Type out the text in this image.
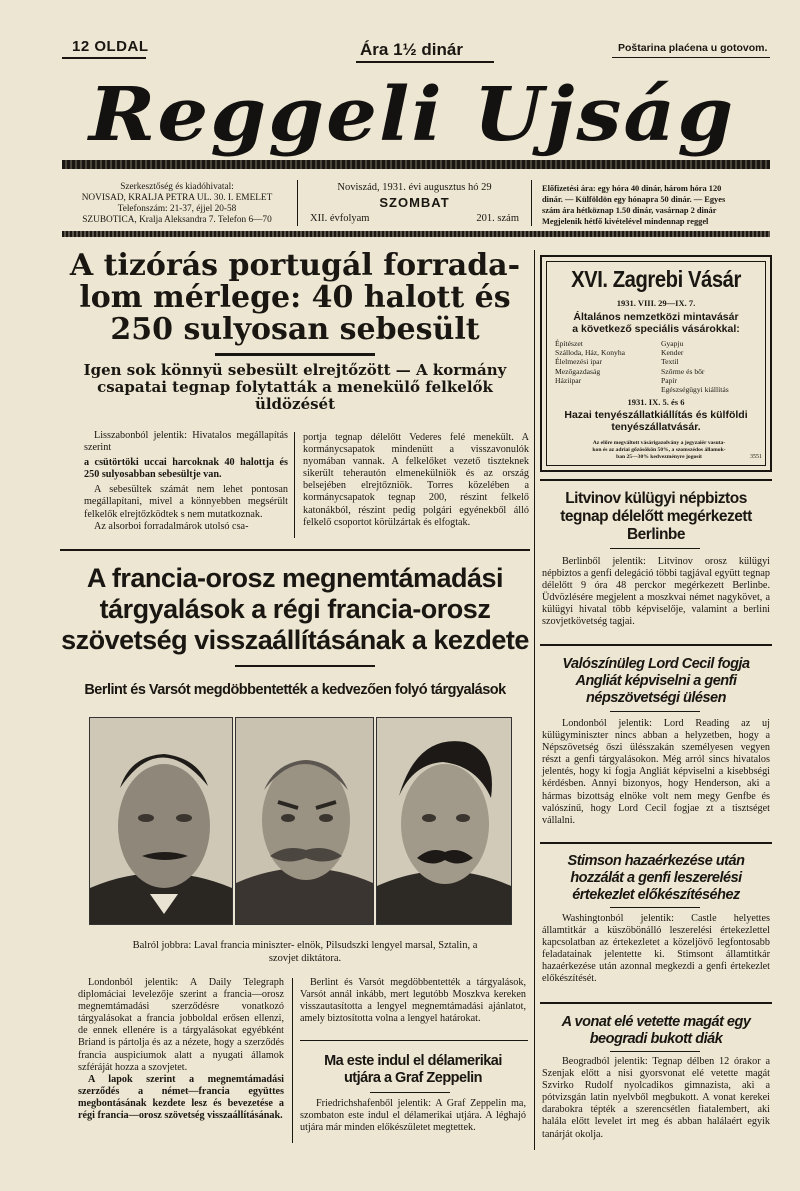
12 OLDAL	Ára 1½ dinár	Poštarina plaćena u gotovom.
Reggeli Ujság
Szerkesztőség és kiadóhivatal:
NOVISAD, KRALJA PETRA UL. 30. I. EMELET
Telefonszám: 21-37, éjjel 20-58
SZUBOTICA, Kralja Aleksandra 7. Telefon 6—70
Noviszád, 1931. évi augusztus hó 29
SZOMBAT
XII. évfolyam	201. szám
Előfizetési ára: egy hóra 40 dinár, három hóra 120
dinár. — Külföldön egy hónapra 50 dinár. — Egyes
szám ára hétköznap 1.50 dinár, vasárnap 2 dinár
Megjelenik hétfő kivételével mindennap reggel
A tizórás portugál forrada-
lom mérlege: 40 halott és
250 sulyosan sebesült
Igen sok könnyü sebesült elrejtőzött — A kormány
csapatai tegnap folytatták a menekülő felkelők
üldözését

Lisszabonból jelentik: Hivatalos megállapítás szerint

a csütörtöki uccai harcoknak 40 halottja és 250 sulyosabban sebesültje van.

A sebesültek számát nem lehet pontosan megállapítani, mivel a könnyebben megsérült felkelők elrejtőzködtek s nem mutatkoznak.

Az alsorboi forradalmárok utolsó csa-

portja tegnap délelőtt Vederes felé menekült. A kormánycsapatok mindenütt a visszavonulók nyomában vannak. A felkelőket vezető tiszteknek sikerült teherautón elmenekülniök és az ország belsejében elrejtőzniök. Torres közelében a kormánycsapatok tegnap 200, részint felkelő katonákból, részint pedig polgári egyénekből álló felkelő csoportot körülzártak és elfogtak.

XVI. Zagrebi Vásár
1931. VIII. 29—IX. 7.
Általános nemzetközi mintavásár
a következő speciális vásárokkal:
Építészet
Szálloda, Ház, Konyha
Élelmezési ipar
Mezőgazdaság
Háziipar
Gyapju
Kender
Textil
Szőrme és bőr
Papír
Egészségügyi kiállítás
1931. IX. 5. és 6
Hazai tenyészállatkiállítás és külföldi
tenyészállatvásár.
Az előre megváltott vásárigazolvány a jegyzaiér vasuta-
kon és az adriai gőzösökön 50%, a szomszédos államok-
ban 25—30% kedvezményre jogosít	3551
Litvinov külügyi népbiztos
tegnap délelőtt megérkezett
Berlinbe
Berlinből jelentik: Litvinov orosz külügyi népbiztos a genfi delegáció többi tagjával együtt tegnap délelőtt 9 óra 48 perckor megérkezett Berlinbe. Üdvözlésére megjelent a moszkvai német nagykövet, a külügyi hivatal több képviselője, valamint a berlini szovjetkövetség tagjai.
A francia-orosz megnemtámadási
tárgyalások a régi francia-orosz
szövetség visszaállításának a kezdete
Berlint és Varsót megdöbbentették a kedvezően folyó tárgyalások
Balról jobbra: Laval francia miniszter- elnök, Pilsudszki lengyel marsal, Sztalin, a
szovjet diktátora.

Londonból jelentik: A Daily Telegraph diplomáciai levelezője szerint a francia—orosz megnemtámadási szerződésre vonatkozó tárgyalásokat a francia jobboldal erősen ellenzi, de ennek ellenére is a tárgyalásokat egyébként Briand is pártolja és az a nézete, hogy a szerződés francia auspiciumok alatt a nyugati államok szféráját hozza a szovjetet.

A lapok szerint a megnemtámadási szerződés a német—francia együttes megbontásának kezdete lesz és bevezetése a régi francia—orosz szövetség visszaállításának.

Berlint és Varsót megdöbbentették a tárgyalások, Varsót annál inkább, mert legutóbb Moszkva kereken visszautasította a lengyel megnemtámadási ajánlatot, amely biztosította volna a lengyel határokat.
Ma este indul el délamerikai
utjára a Graf Zeppelin
Friedrichshafenből jelentik: A Graf Zeppelin ma, szombaton este indul el délamerikai utjára. A léghajó utjára már minden előkészületet megtettek.
Valószínüleg Lord Cecil fogja
Angliát képviselni a genfi
népszövetségi ülésen
Londonból jelentik: Lord Reading az uj külügyminiszter nincs abban a helyzetben, hogy a Népszövetség őszi ülésszakán személyesen vegyen részt a genfi tárgyalásokon. Még arról sincs hivatalos jelentés, hogy ki fogja Angliát képviselni a kisebbségi kérdésben. Annyi bizonyos, hogy Henderson, aki a hármas bizottság elnöke volt nem megy Genfbe és valószínű, hogy Lord Cecil fogjae zt a tisztséget vállalni.
Stimson hazaérkezése után
hozzálát a genfi leszerelési
értekezlet előkészítéséhez
Washingtonból jelentik: Castle helyettes államtitkár a küszöbönálló leszerelési értekezlettel kapcsolatban az értekezletet a közeljövő legfontosabb feladatainak jelentette ki. Stimsont államtitkár hazaérkezése után azonnal megkezdi a genfi értekezlet előkészítését.
A vonat elé vetette magát egy
beogradi bukott diák
Beogradból jelentik: Tegnap délben 12 órakor a Szenjak előtt a nisi gyorsvonat elé vetette magát Szvirko Rudolf nyolcadikos gimnazista, aki a pótvizsgán latin nyelvből megbukott. A vonat kerekei darabokra tépték a szerencsétlen fiatalembert, aki halála előtt levelet irt meg és abban halálaért egyik tanárját okolja.
